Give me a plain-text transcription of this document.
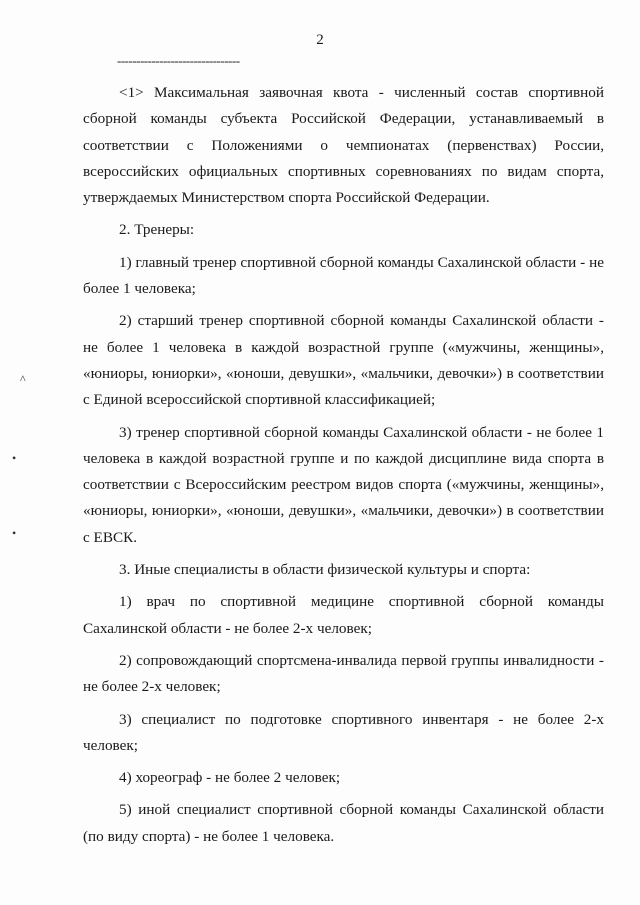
2
--------------------------------

<1> Максимальная заявочная квота - численный состав спортивной сборной команды субъекта Российской Федерации, устанавливаемый в соответствии с Положениями о чемпионатах (первенствах) России, всероссийских официальных спортивных соревнованиях по видам спорта, утверждаемых Министерством спорта Российской Федерации.

2. Тренеры:

1) главный тренер спортивной сборной команды Сахалинской области - не более 1 человека;

2) старший тренер спортивной сборной команды Сахалинской области - не более 1 человека в каждой возрастной группе («мужчины, женщины», «юниоры, юниорки», «юноши, девушки», «мальчики, девочки») в соответствии с Единой всероссийской спортивной классификацией;

3) тренер спортивной сборной команды Сахалинской области - не более 1 человека в каждой возрастной группе и по каждой дисциплине вида спорта в соответствии с Всероссийским реестром видов спорта («мужчины, женщины», «юниоры, юниорки», «юноши, девушки», «мальчики, девочки») в соответствии с ЕВСК.

3. Иные специалисты в области физической культуры и спорта:

1) врач по спортивной медицине спортивной сборной команды Сахалинской области - не более 2-х человек;

2) сопровождающий спортсмена-инвалида первой группы инвалидности - не более 2-х человек;

3) специалист по подготовке спортивного инвентаря - не более 2-х человек;

4) хореограф - не более 2 человек;

5) иной специалист спортивной сборной команды Сахалинской области (по виду спорта) - не более 1 человека.

^
•
•
